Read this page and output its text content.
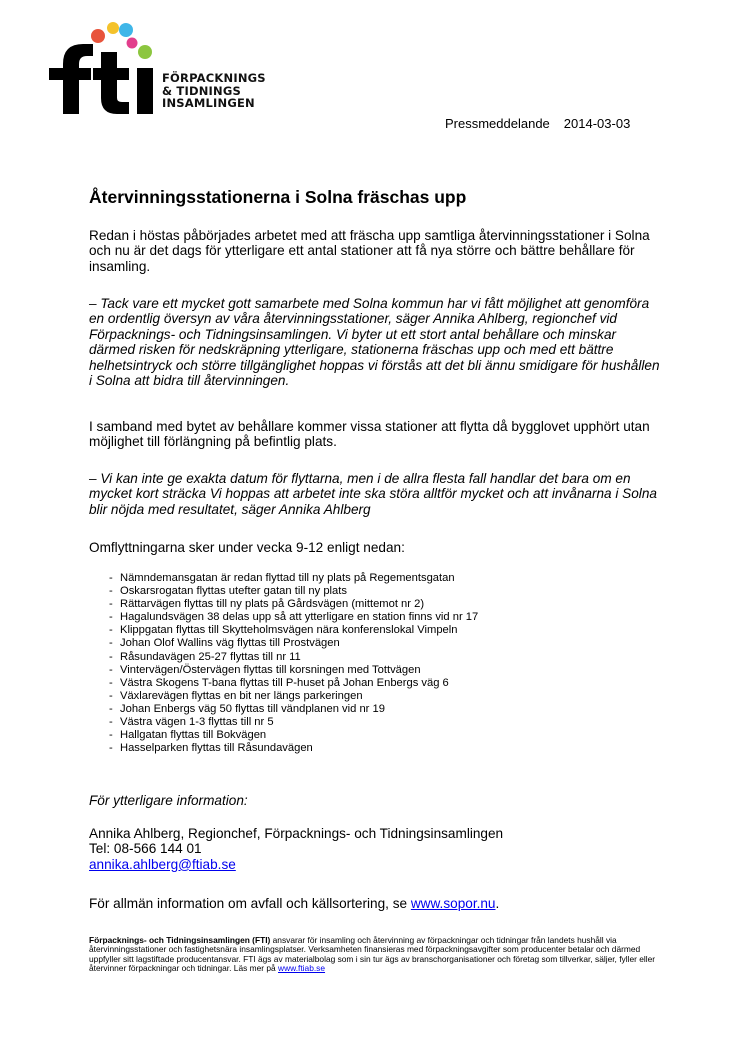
FÖRPACKNINGS
& TIDNINGS
INSAMLINGEN
Pressmeddelande 2014-03-03
Återvinningsstationerna i Solna fräschas upp

Redan i höstas påbörjades arbetet med att fräscha upp samtliga återvinningsstationer i Solna och nu är det dags för ytterligare ett antal stationer att få nya större och bättre behållare för insamling.

– Tack vare ett mycket gott samarbete med Solna kommun har vi fått möjlighet att genomföra en ordentlig översyn av våra återvinningsstationer, säger Annika Ahlberg, regionchef vid Förpacknings- och Tidningsinsamlingen. Vi byter ut ett stort antal behållare och minskar därmed risken för nedskräpning ytterligare, stationerna fräschas upp och med ett bättre helhetsintryck och större tillgänglighet hoppas vi förstås att det bli ännu smidigare för hushållen i Solna att bidra till återvinningen.

I samband med bytet av behållare kommer vissa stationer att flytta då bygglovet upphört utan möjlighet till förlängning på befintlig plats.

– Vi kan inte ge exakta datum för flyttarna, men i de allra flesta fall handlar det bara om en mycket kort sträcka Vi hoppas att arbetet inte ska störa alltför mycket och att invånarna i Solna blir nöjda med resultatet, säger Annika Ahlberg

Omflyttningarna sker under vecka 9-12 enligt nedan:

- Nämndemansgatan är redan flyttad till ny plats på Regementsgatan
- Oskarsrogatan flyttas utefter gatan till ny plats
- Rättarvägen flyttas till ny plats på Gårdsvägen (mittemot nr 2)
- Hagalundsvägen 38 delas upp så att ytterligare en station finns vid nr 17
- Klippgatan flyttas till Skytteholmsvägen nära konferenslokal Vimpeln
- Johan Olof Wallins väg flyttas till Prostvägen
- Råsundavägen 25-27 flyttas till nr 11
- Vintervägen/Östervägen flyttas till korsningen med Tottvägen
- Västra Skogens T-bana flyttas till P-huset på Johan Enbergs väg 6
- Växlarevägen flyttas en bit ner längs parkeringen
- Johan Enbergs väg 50 flyttas till vändplanen vid nr 19
- Västra vägen 1-3 flyttas till nr 5
- Hallgatan flyttas till Bokvägen
- Hasselparken flyttas till Råsundavägen
För ytterligare information:
Annika Ahlberg, Regionchef, Förpacknings- och Tidningsinsamlingen
Tel: 08-566 144 01
annika.ahlberg@ftiab.se
För allmän information om avfall och källsortering, se www.sopor.nu.
Förpacknings- och Tidningsinsamlingen (FTI) ansvarar för insamling och återvinning av förpackningar och tidningar från landets hushåll via återvinningsstationer och fastighetsnära insamlingsplatser. Verksamheten finansieras med förpackningsavgifter som producenter betalar och därmed uppfyller sitt lagstiftade producentansvar. FTI ägs av materialbolag som i sin tur ägs av branschorganisationer och företag som tillverkar, säljer, fyller eller återvinner förpackningar och tidningar. Läs mer på www.ftiab.se
